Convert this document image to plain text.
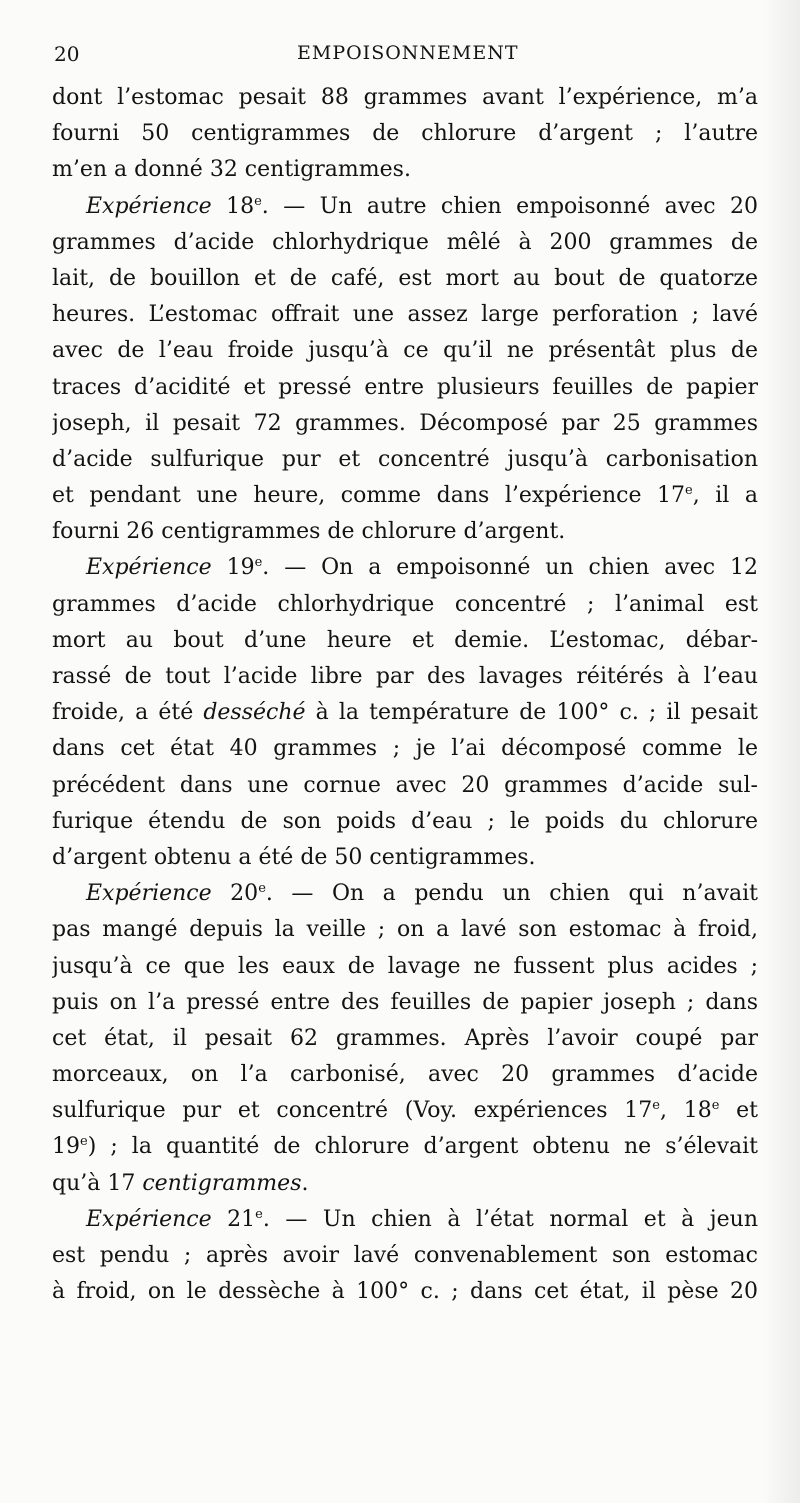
20	EMPOISONNEMENT
dont l’estomac pesait 88 grammes avant l’expérience, m’a
fourni 50 centigrammes de chlorure d’argent ; l’autre
m’en a donné 32 centigrammes.
Expérience 18e. — Un autre chien empoisonné avec 20
grammes d’acide chlorhydrique mêlé à 200 grammes de
lait, de bouillon et de café, est mort au bout de quatorze
heures. L’estomac offrait une assez large perforation ; lavé
avec de l’eau froide jusqu’à ce qu’il ne présentât plus de
traces d’acidité et pressé entre plusieurs feuilles de papier
joseph, il pesait 72 grammes. Décomposé par 25 grammes
d’acide sulfurique pur et concentré jusqu’à carbonisation
et pendant une heure, comme dans l’expérience 17e, il a
fourni 26 centigrammes de chlorure d’argent.
Expérience 19e. — On a empoisonné un chien avec 12
grammes d’acide chlorhydrique concentré ; l’animal est
mort au bout d’une heure et demie. L’estomac, débar-
rassé de tout l’acide libre par des lavages réitérés à l’eau
froide, a été desséché à la température de 100° c. ; il pesait
dans cet état 40 grammes ; je l’ai décomposé comme le
précédent dans une cornue avec 20 grammes d’acide sul-
furique étendu de son poids d’eau ; le poids du chlorure
d’argent obtenu a été de 50 centigrammes.
Expérience 20e. — On a pendu un chien qui n’avait
pas mangé depuis la veille ; on a lavé son estomac à froid,
jusqu’à ce que les eaux de lavage ne fussent plus acides ;
puis on l’a pressé entre des feuilles de papier joseph ; dans
cet état, il pesait 62 grammes. Après l’avoir coupé par
morceaux, on l’a carbonisé, avec 20 grammes d’acide
sulfurique pur et concentré (Voy. expériences 17e, 18e et
19e) ; la quantité de chlorure d’argent obtenu ne s’élevait
qu’à 17 centigrammes.
Expérience 21e. — Un chien à l’état normal et à jeun
est pendu ; après avoir lavé convenablement son estomac
à froid, on le dessèche à 100° c. ; dans cet état, il pèse 20
